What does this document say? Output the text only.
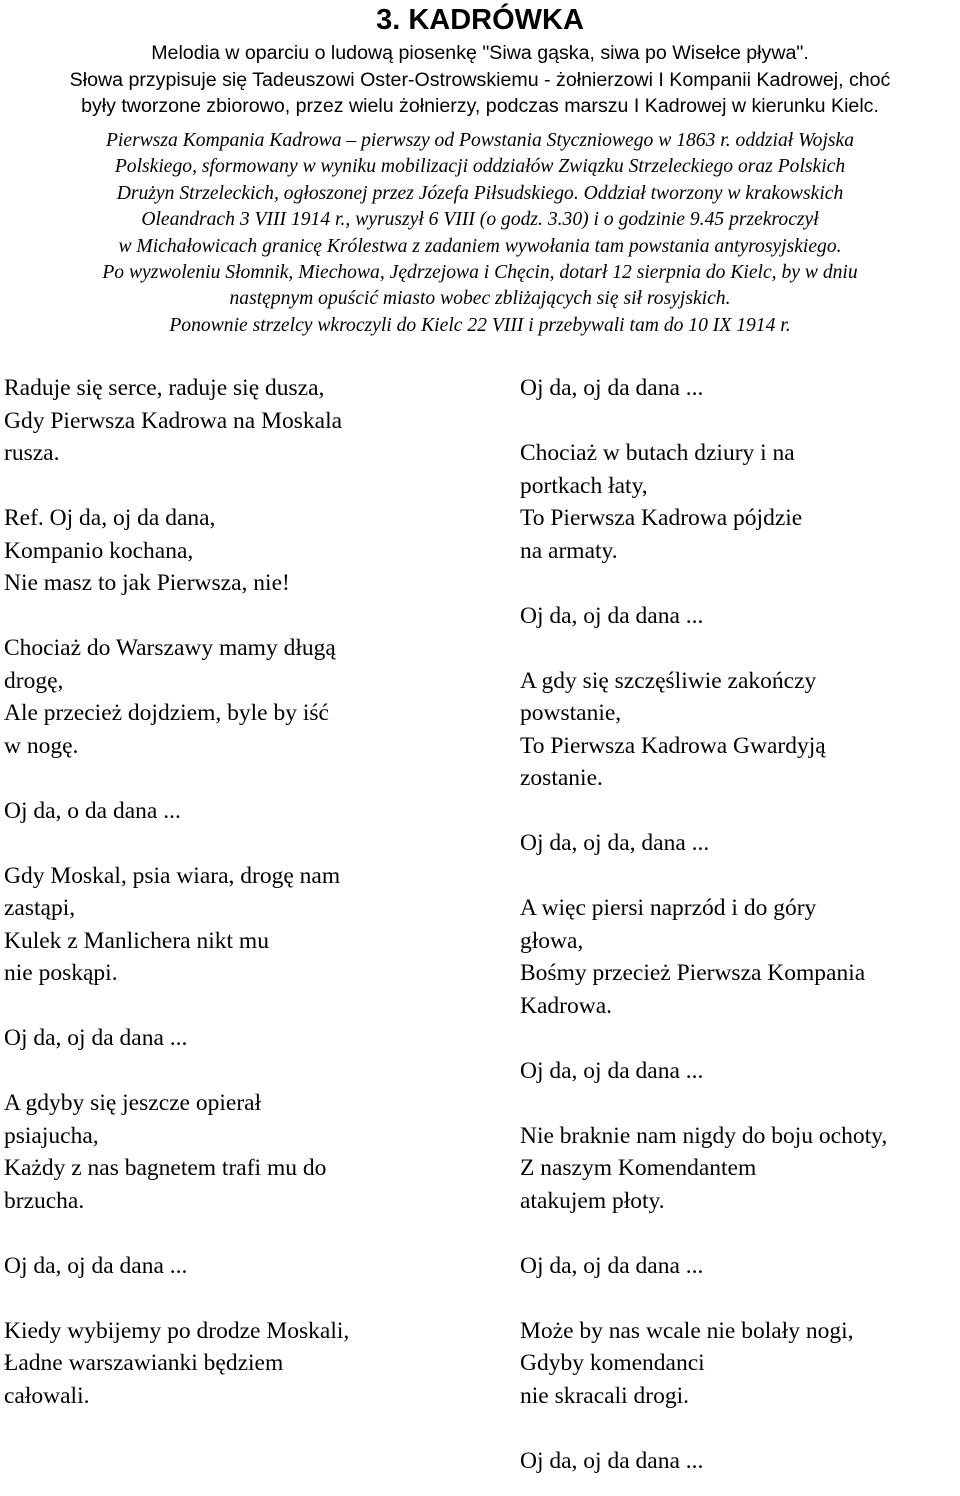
3. KADRÓWKA
Melodia w oparciu o ludową piosenkę "Siwa gąska, siwa po Wisełce pływa".
Słowa przypisuje się Tadeuszowi Oster-Ostrowskiemu - żołnierzowi I Kompanii Kadrowej, choć
były tworzone zbiorowo, przez wielu żołnierzy, podczas marszu I Kadrowej w kierunku Kielc.
Pierwsza Kompania Kadrowa – pierwszy od Powstania Styczniowego w 1863 r. oddział Wojska
Polskiego, sformowany w wyniku mobilizacji oddziałów Związku Strzeleckiego oraz Polskich
Drużyn Strzeleckich, ogłoszonej przez Józefa Piłsudskiego. Oddział tworzony w krakowskich
Oleandrach 3 VIII 1914 r., wyruszył 6 VIII (o godz. 3.30) i o godzinie 9.45 przekroczył
w Michałowicach granicę Królestwa z zadaniem wywołania tam powstania antyrosyjskiego.
Po wyzwoleniu Słomnik, Miechowa, Jędrzejowa i Chęcin, dotarł 12 sierpnia do Kielc, by w dniu
następnym opuścić miasto wobec zbliżających się sił rosyjskich.
Ponownie strzelcy wkroczyli do Kielc 22 VIII i przebywali tam do 10 IX 1914 r.
Raduje się serce, raduje się dusza,
Gdy Pierwsza Kadrowa na Moskala
rusza.
Ref. Oj da, oj da dana,
Kompanio kochana,
Nie masz to jak Pierwsza, nie!
Chociaż do Warszawy mamy długą
drogę,
Ale przecież dojdziem, byle by iść
w nogę.
Oj da, o da dana ...
Gdy Moskal, psia wiara, drogę nam
zastąpi,
Kulek z Manlichera nikt mu
nie poskąpi.
Oj da, oj da dana ...
A gdyby się jeszcze opierał
psiajucha,
Każdy z nas bagnetem trafi mu do
brzucha.
Oj da, oj da dana ...
Kiedy wybijemy po drodze Moskali,
Ładne warszawianki będziem
całowali.
Oj da, oj da dana ...
Chociaż w butach dziury i na
portkach łaty,
To Pierwsza Kadrowa pójdzie
na armaty.
Oj da, oj da dana ...
A gdy się szczęśliwie zakończy
powstanie,
To Pierwsza Kadrowa Gwardyją
zostanie.
Oj da, oj da, dana ...
A więc piersi naprzód i do góry
głowa,
Bośmy przecież Pierwsza Kompania
Kadrowa.
Oj da, oj da dana ...
Nie braknie nam nigdy do boju ochoty,
Z naszym Komendantem
atakujem płoty.
Oj da, oj da dana ...
Może by nas wcale nie bolały nogi,
Gdyby komendanci
nie skracali drogi.
Oj da, oj da dana ...
